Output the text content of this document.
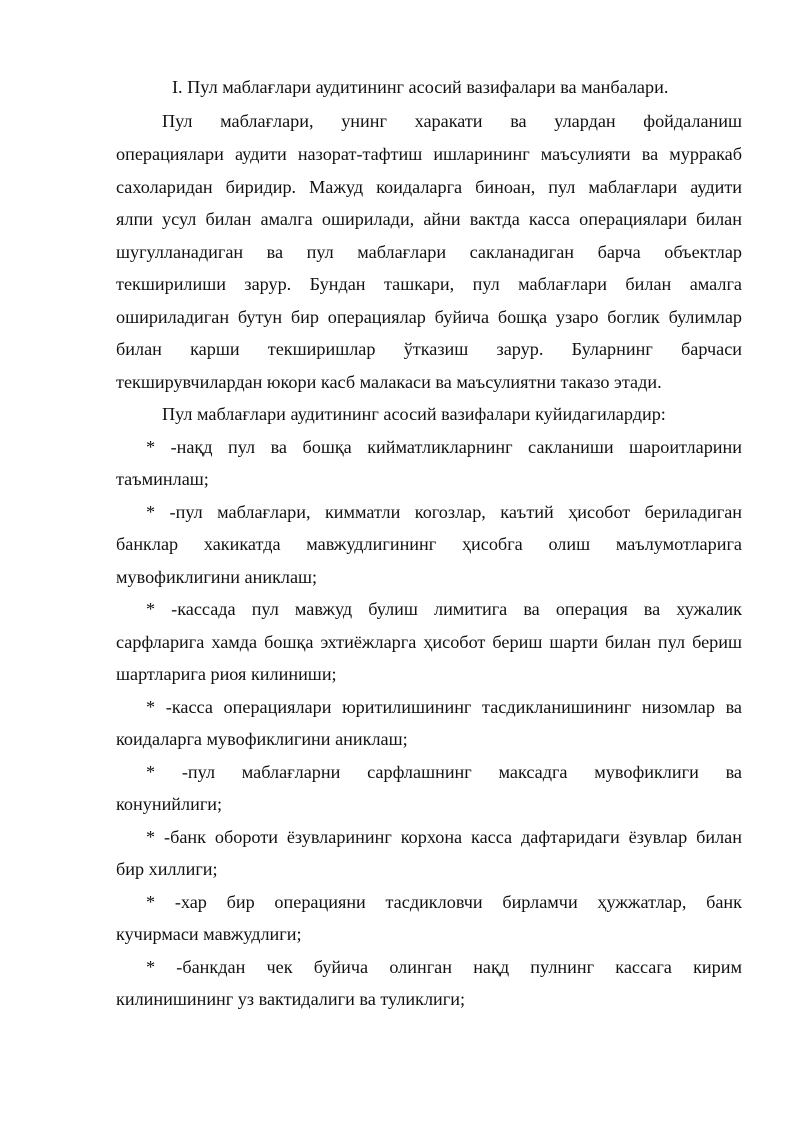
I. Пул маблағлари аудитининг асосий вазифалари ва манбалари.
Пул маблағлари, унинг харакати ва улардан фойдаланиш
операциялари аудити назорат-тафтиш ишларининг маъсулияти ва мурракаб
сахоларидан биридир. Мажуд коидаларга биноан, пул маблағлари аудити
ялпи усул билан амалга оширилади, айни вактда касса операциялари билан
шугулланадиган ва пул маблағлари сакланадиган барча объектлар
текширилиши зарур. Бундан ташкари, пул маблағлари билан амалга
ошириладиган бутун бир операциялар буйича бошқа узаро боглик булимлар
билан карши текширишлар ўтказиш зарур. Буларнинг барчаси
текширувчилардан юкори касб малакаси ва маъсулиятни таказо этади.
Пул маблағлари аудитининг асосий вазифалари куйидагилардир:
* -нақд пул ва бошқа кийматликларнинг сакланиши шароитларини
таъминлаш;
* -пул маблағлари, кимматли когозлар, каътий ҳисобот бериладиган
банклар хакикатда мавжудлигининг ҳисобга олиш маълумотларига
мувофиклигини аниклаш;
* -кассада пул мавжуд булиш лимитига ва операция ва хужалик
сарфларига хамда бошқа эхтиёжларга ҳисобот бериш шарти билан пул бериш
шартларига риоя килиниши;
* -касса операциялари юритилишининг тасдикланишининг низомлар ва
коидаларга мувофиклигини аниклаш;
* -пул маблағларни сарфлашнинг максадга мувофиклиги ва
конунийлиги;
* -банк обороти ёзувларининг корхона касса дафтаридаги ёзувлар билан
бир хиллиги;
* -хар бир операцияни тасдикловчи бирламчи ҳужжатлар, банк
кучирмаси мавжудлиги;
* -банкдан чек буйича олинган нақд пулнинг кассага кирим
килинишининг уз вактидалиги ва туликлиги;
